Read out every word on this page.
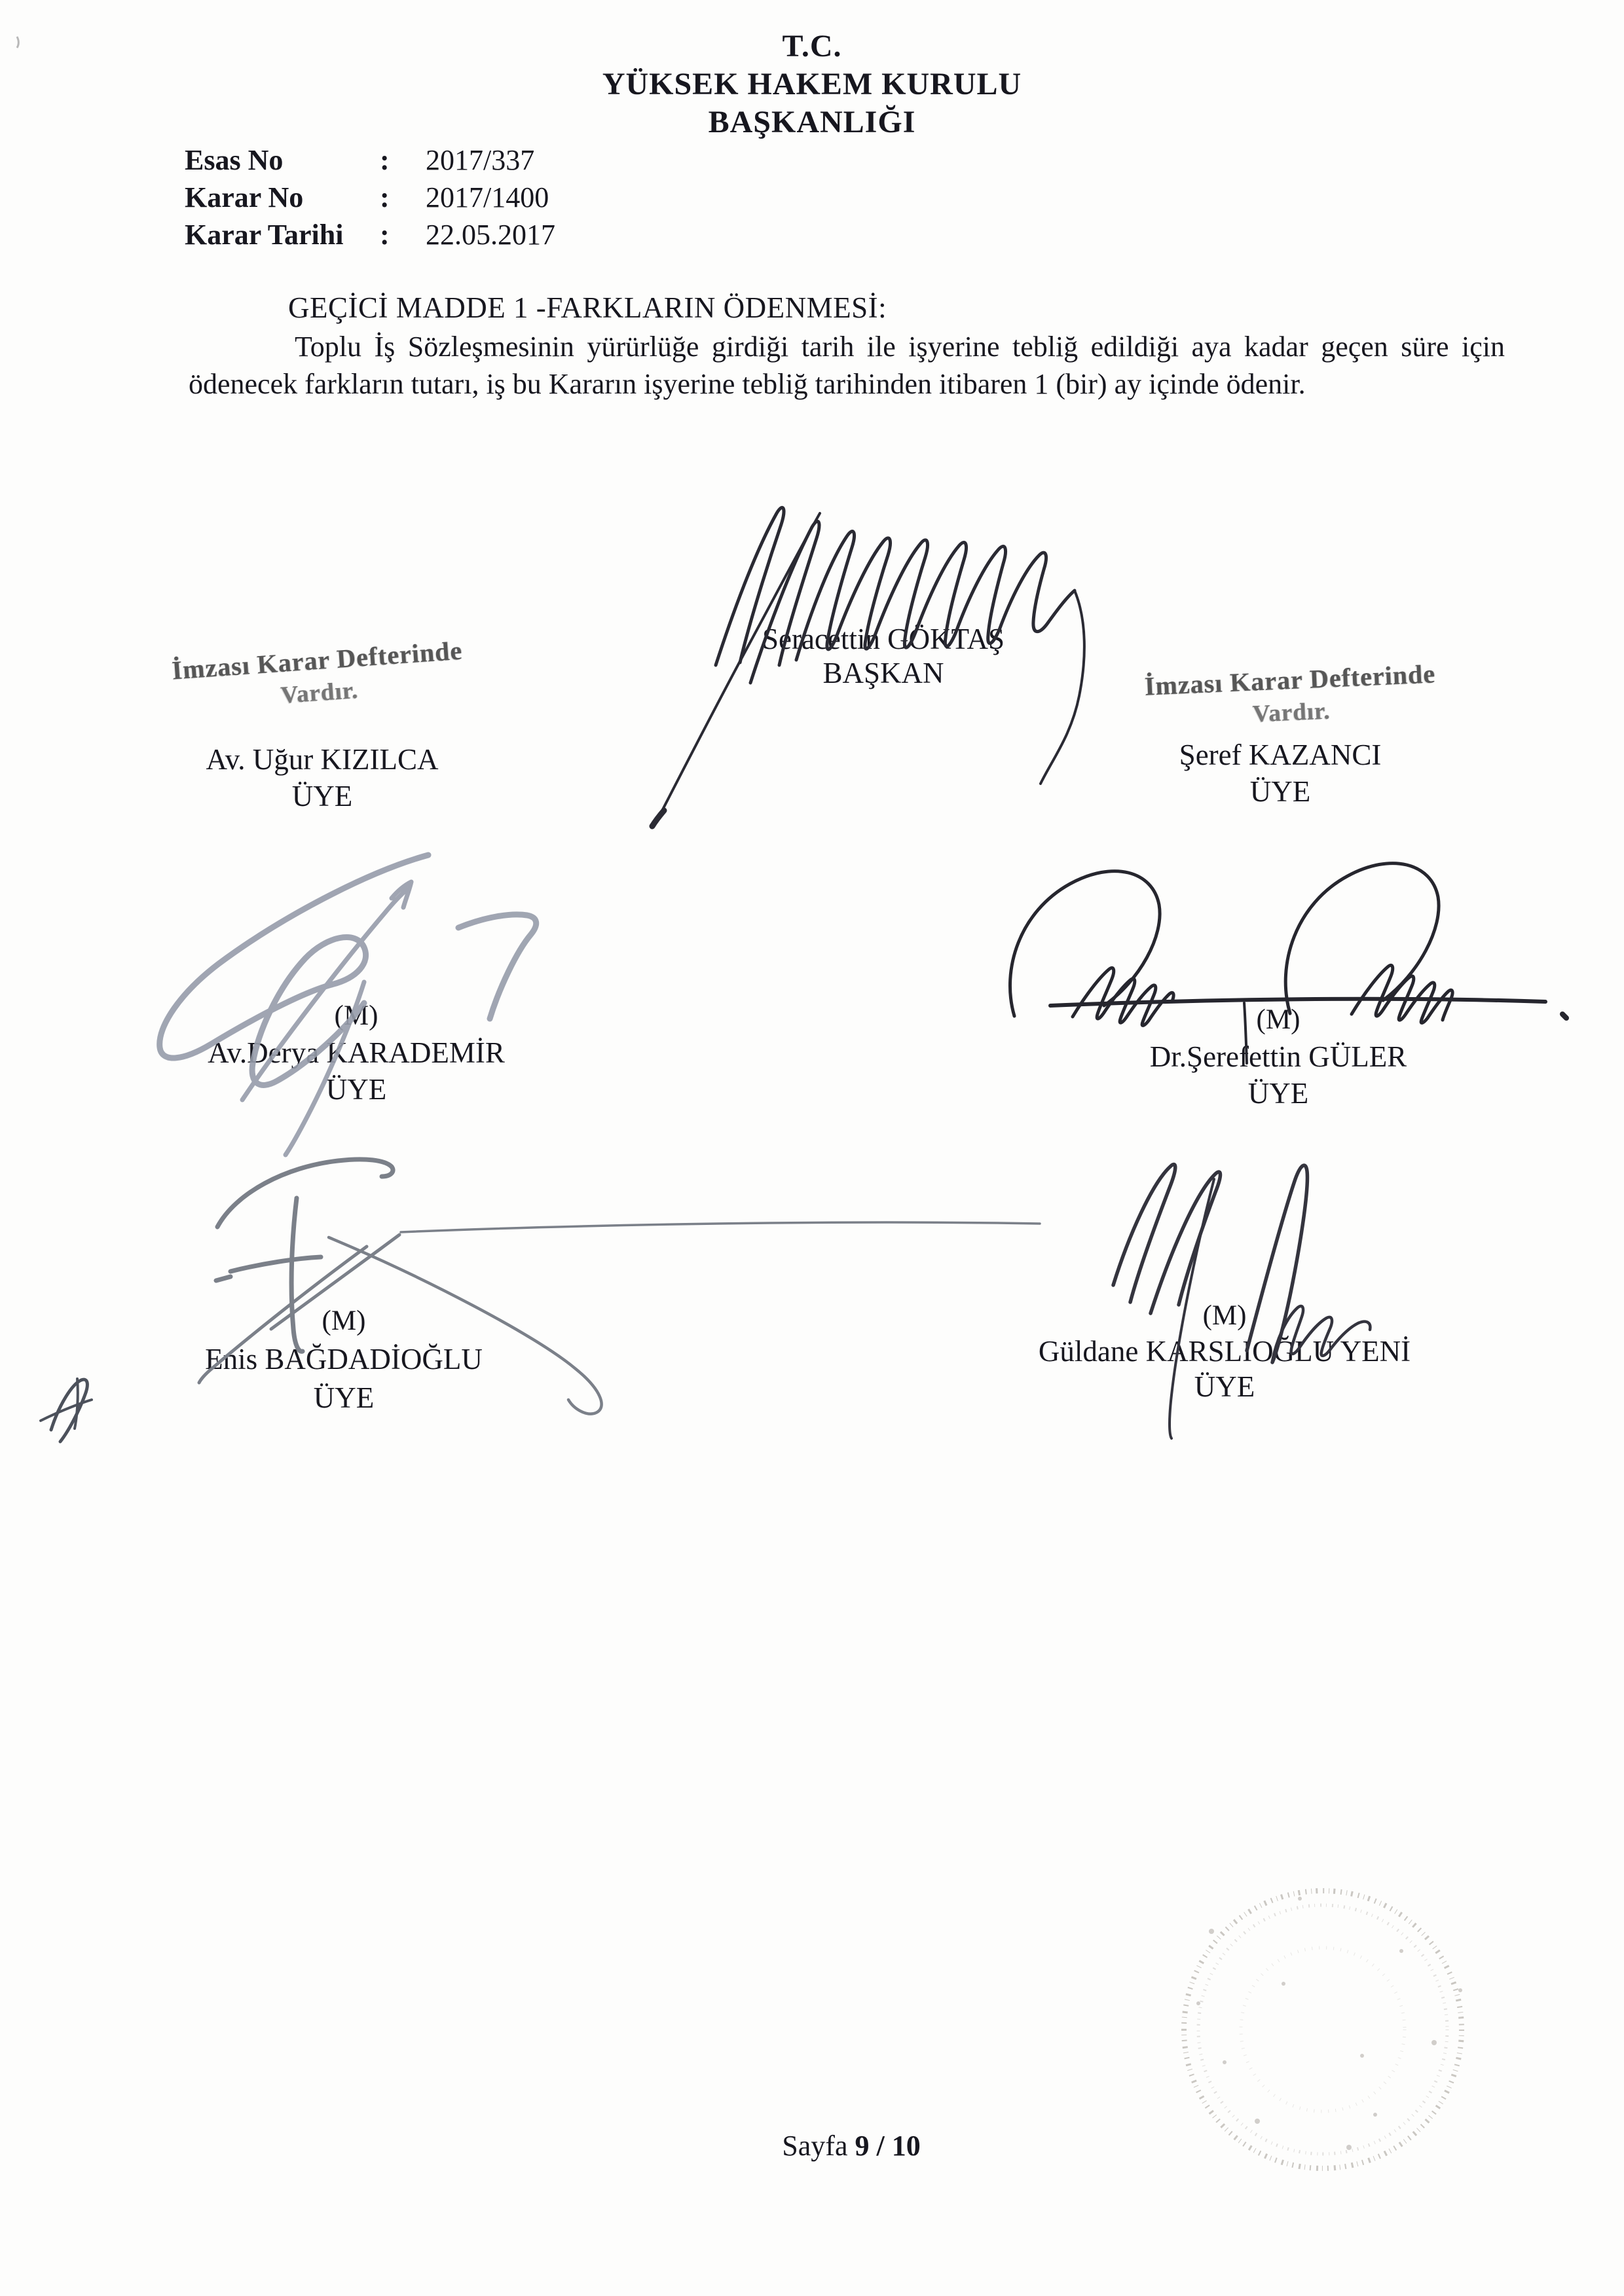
T.C.
YÜKSEK HAKEM KURULU
BAŞKANLIĞI
Esas No	:	2017/337
Karar No	:	2017/1400
Karar Tarihi	:	22.05.2017
GEÇİCİ MADDE 1 -FARKLARIN ÖDENMESİ:

Toplu İş Sözleşmesinin yürürlüğe girdiği tarih ile işyerine tebliğ edildiği aya kadar geçen süre için ödenecek farkların tutarı, iş bu Kararın işyerine tebliğ tarihinden itibaren 1 (bir) ay içinde ödenir.

Seracettin GÖKTAŞ
BAŞKAN
İmzası Karar Defterinde
Vardır.
Av. Uğur KIZILCA
ÜYE
İmzası Karar Defterinde
Vardır.
Şeref KAZANCI
ÜYE
(M)
Av.Derya KARADEMİR
ÜYE
(M)
Dr.Şerefettin GÜLER
ÜYE
(M)
Enis BAĞDADİOĞLU
ÜYE
(M)
Güldane KARSLIOĞLU YENİ
ÜYE
Sayfa 9 / 10
